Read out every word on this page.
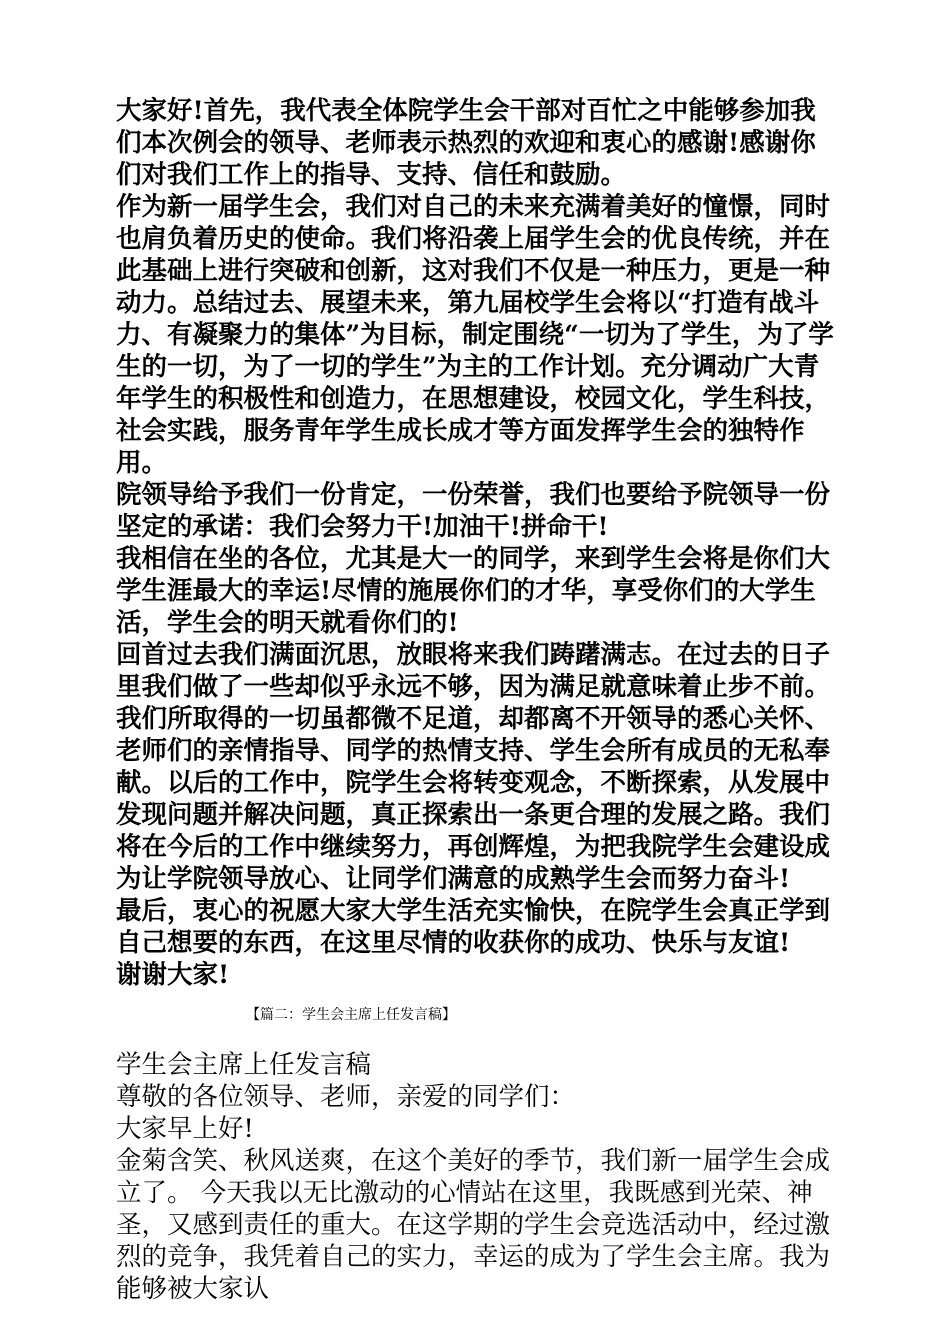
大家好!首先，我代表全体院学生会干部对百忙之中能够参加我们本次例会的领导、老师表示热烈的欢迎和衷心的感谢!感谢你们对我们工作上的指导、支持、信任和鼓励。

作为新一届学生会，我们对自己的未来充满着美好的憧憬，同时也肩负着历史的使命。我们将沿袭上届学生会的优良传统，并在此基础上进行突破和创新，这对我们不仅是一种压力，更是一种动力。总结过去、展望未来，第九届校学生会将以“打造有战斗力、有凝聚力的集体”为目标，制定围绕“一切为了学生，为了学生的一切，为了一切的学生”为主的工作计划。充分调动广大青年学生的积极性和创造力，在思想建设，校园文化，学生科技，社会实践，服务青年学生成长成才等方面发挥学生会的独特作用。

院领导给予我们一份肯定，一份荣誉，我们也要给予院领导一份坚定的承诺：我们会努力干!加油干!拼命干!

我相信在坐的各位，尤其是大一的同学，来到学生会将是你们大学生涯最大的幸运!尽情的施展你们的才华，享受你们的大学生活，学生会的明天就看你们的!

回首过去我们满面沉思，放眼将来我们踌躇满志。在过去的日子里我们做了一些却似乎永远不够，因为满足就意味着止步不前。我们所取得的一切虽都微不足道，却都离不开领导的悉心关怀、老师们的亲情指导、同学的热情支持、学生会所有成员的无私奉献。以后的工作中，院学生会将转变观念，不断探索，从发展中发现问题并解决问题，真正探索出一条更合理的发展之路。我们将在今后的工作中继续努力，再创辉煌，为把我院学生会建设成为让学院领导放心、让同学们满意的成熟学生会而努力奋斗!

最后，衷心的祝愿大家大学生活充实愉快，在院学生会真正学到自己想要的东西，在这里尽情的收获你的成功、快乐与友谊!

谢谢大家!

【篇二：学生会主席上任发言稿】

学生会主席上任发言稿

尊敬的各位领导、老师，亲爱的同学们：

大家早上好!

金菊含笑、秋风送爽，在这个美好的季节，我们新一届学生会成立了。 今天我以无比激动的心情站在这里，我既感到光荣、神圣，又感到责任的重大。在这学期的学生会竞选活动中，经过激烈的竞争，我凭着自己的实力，幸运的成为了学生会主席。我为能够被大家认
